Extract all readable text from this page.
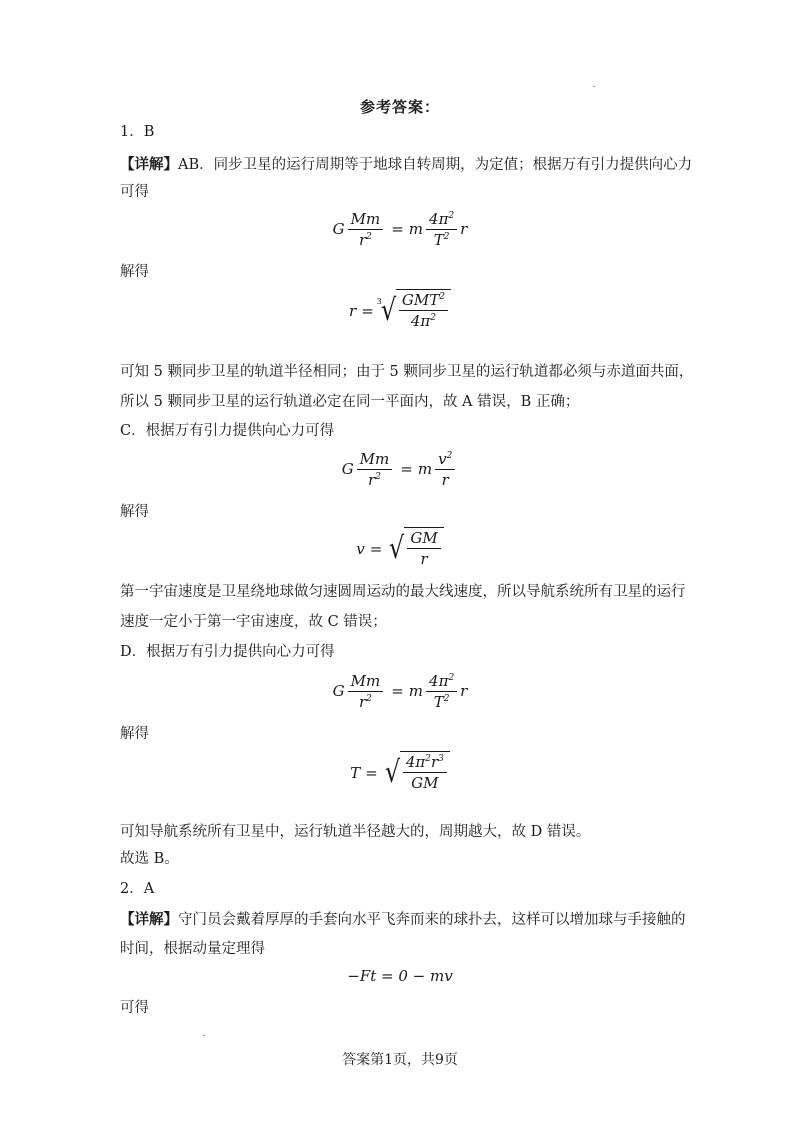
参考答案：
1．B
【详解】AB．同步卫星的运行周期等于地球自转周期，为定值；根据万有引力提供向心力
可得
G $\frac{Mm}{r^2} = m \frac{4\pi^2}{T^2}$ r
解得
r =
3
√ $\frac{GMT^2}{4\pi^2}$
可知 5 颗同步卫星的轨道半径相同；由于 5 颗同步卫星的运行轨道都必须与赤道面共面，
所以 5 颗同步卫星的运行轨道必定在同一平面内，故 A 错误，B 正确；
C．根据万有引力提供向心力可得
G $\frac{Mm}{r^2} = m \frac{v^2}{r}$
解得
v = √ $\frac{GM}{r}$
第一宇宙速度是卫星绕地球做匀速圆周运动的最大线速度，所以导航系统所有卫星的运行
速度一定小于第一宇宙速度，故 C 错误；
D．根据万有引力提供向心力可得
G $\frac{Mm}{r^2} = m \frac{4\pi^2}{T^2}$ r
解得
T = √ $\frac{4\pi^2r^3}{GM}$
可知导航系统所有卫星中，运行轨道半径越大的，周期越大，故 D 错误。
故选 B。
2．A
【详解】守门员会戴着厚厚的手套向水平飞奔而来的球扑去，这样可以增加球与手接触的
时间，根据动量定理得
−Ft = 0 − mv
可得
答案第1页，共9页
